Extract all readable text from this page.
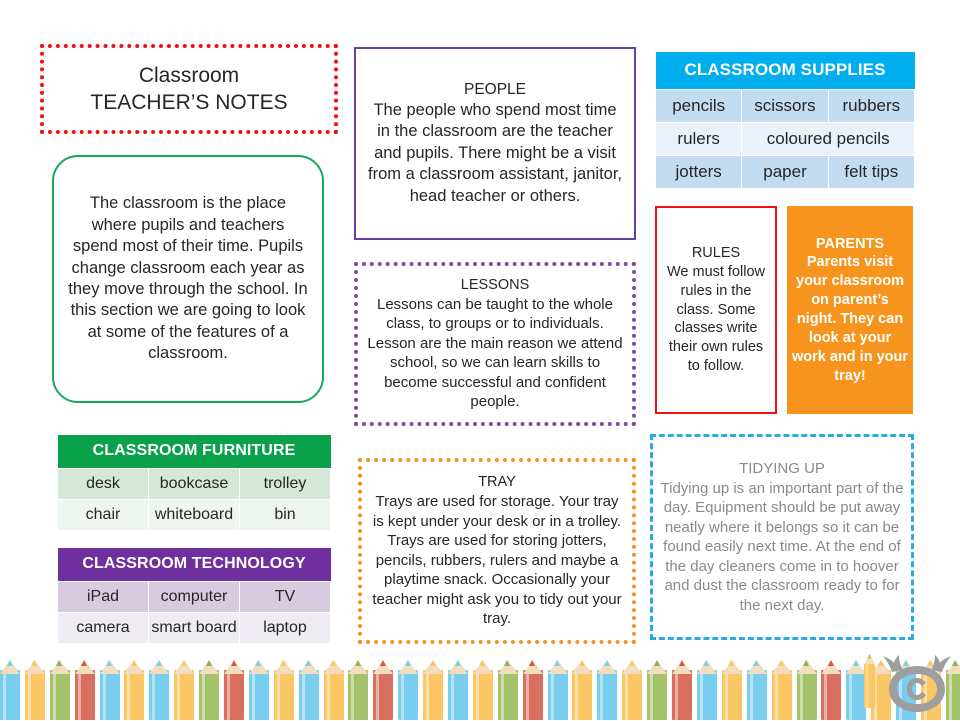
Classroom
TEACHER’S NOTES

The classroom is the place where pupils and teachers spend most of their time. Pupils change classroom each year as they move through the school. In this section we are going to look at some of the features of a classroom.

PEOPLE

The people who spend most time in the classroom are the teacher and pupils. There might be a visit from a classroom assistant, janitor, head teacher or others.

LESSONS

Lessons can be taught to the whole class, to groups or to individuals. Lesson are the main reason we attend school, so we can learn skills to become successful and confident people.

TRAY

Trays are used for storage. Your tray is kept under your desk or in a trolley. Trays are used for storing jotters, pencils, rubbers, rulers and maybe a playtime snack. Occasionally your teacher might ask you to tidy out your tray.

RULES

We must follow rules in the class. Some classes write their own rules to follow.

PARENTS

Parents visit your classroom on parent’s night. They can look at your work and in your tray!

TIDYING UP

Tidying up is an important part of the day. Equipment should be put away neatly where it belongs so it can be found easily next time. At the end of the day cleaners come in to hoover and dust the classroom ready to for the next day.

CLASSROOM SUPPLIES		
pencils	scissors	rubbers
rulers	coloured pencils	
jotters	paper	felt tips
CLASSROOM FURNITURE		
desk	bookcase	trolley
chair	whiteboard	bin
CLASSROOM TECHNOLOGY		
iPad	computer	TV
camera	smart board	laptop
